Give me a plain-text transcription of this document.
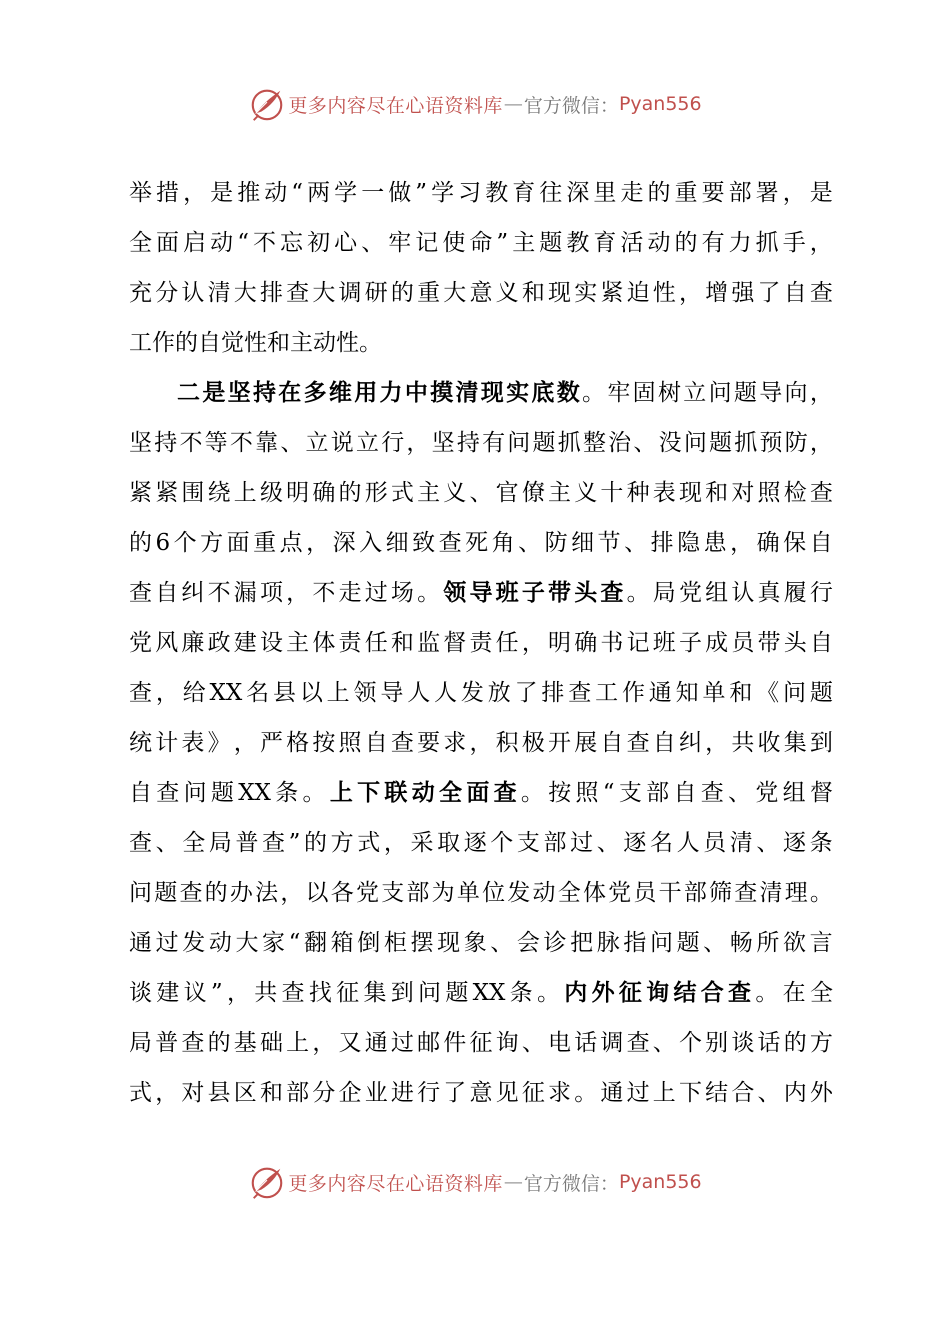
更多内容尽在心语资料库 — 官方微信： Pyan556
举 措 ， 是 推 动 “ 两 学 一 做 ” 学 习 教 育 往 深 里 走 的 重 要 部 署 ， 是
全 面 启 动 “ 不 忘 初 心 、 牢 记 使 命 ” 主 题 教 育 活 动 的 有 力 抓 手 ，
充 分 认 清 大 排 查 大 调 研 的 重 大 意 义 和 现 实 紧 迫 性 ， 增 强 了 自 查
工 作 的 自 觉 性 和 主 动 性 。
二 是 坚 持 在 多 维 用 力 中 摸 清 现 实 底 数 。 牢 固 树 立 问 题 导 向 ，
坚 持 不 等 不 靠 、 立 说 立 行 ， 坚 持 有 问 题 抓 整 治 、 没 问 题 抓 预 防 ，
紧 紧 围 绕 上 级 明 确 的 形 式 主 义 、 官 僚 主 义 十 种 表 现 和 对 照 检 查
的 6 个 方 面 重 点 ， 深 入 细 致 查 死 角 、 防 细 节 、 排 隐 患 ， 确 保 自
查 自 纠 不 漏 项 ， 不 走 过 场 。 领 导 班 子 带 头 查 。 局 党 组 认 真 履 行
党 风 廉 政 建 设 主 体 责 任 和 监 督 责 任 ， 明 确 书 记 班 子 成 员 带 头 自
查 ， 给 XX 名 县 以 上 领 导 人 人 发 放 了 排 查 工 作 通 知 单 和 《 问 题
统 计 表 》 ， 严 格 按 照 自 查 要 求 ， 积 极 开 展 自 查 自 纠 ， 共 收 集 到
自 查 问 题 XX 条 。 上 下 联 动 全 面 查 。 按 照 “ 支 部 自 查 、 党 组 督
查 、 全 局 普 查 ” 的 方 式 ， 采 取 逐 个 支 部 过 、 逐 名 人 员 清 、 逐 条
问 题 查 的 办 法 ， 以 各 党 支 部 为 单 位 发 动 全 体 党 员 干 部 筛 查 清 理 。
通 过 发 动 大 家 “ 翻 箱 倒 柜 摆 现 象 、 会 诊 把 脉 指 问 题 、 畅 所 欲 言
谈 建 议 ” ， 共 查 找 征 集 到 问 题 XX 条 。 内 外 征 询 结 合 查 。 在 全
局 普 查 的 基 础 上 ， 又 通 过 邮 件 征 询 、 电 话 调 查 、 个 别 谈 话 的 方
式 ， 对 县 区 和 部 分 企 业 进 行 了 意 见 征 求 。 通 过 上 下 结 合 、 内 外
更多内容尽在心语资料库 — 官方微信： Pyan556
